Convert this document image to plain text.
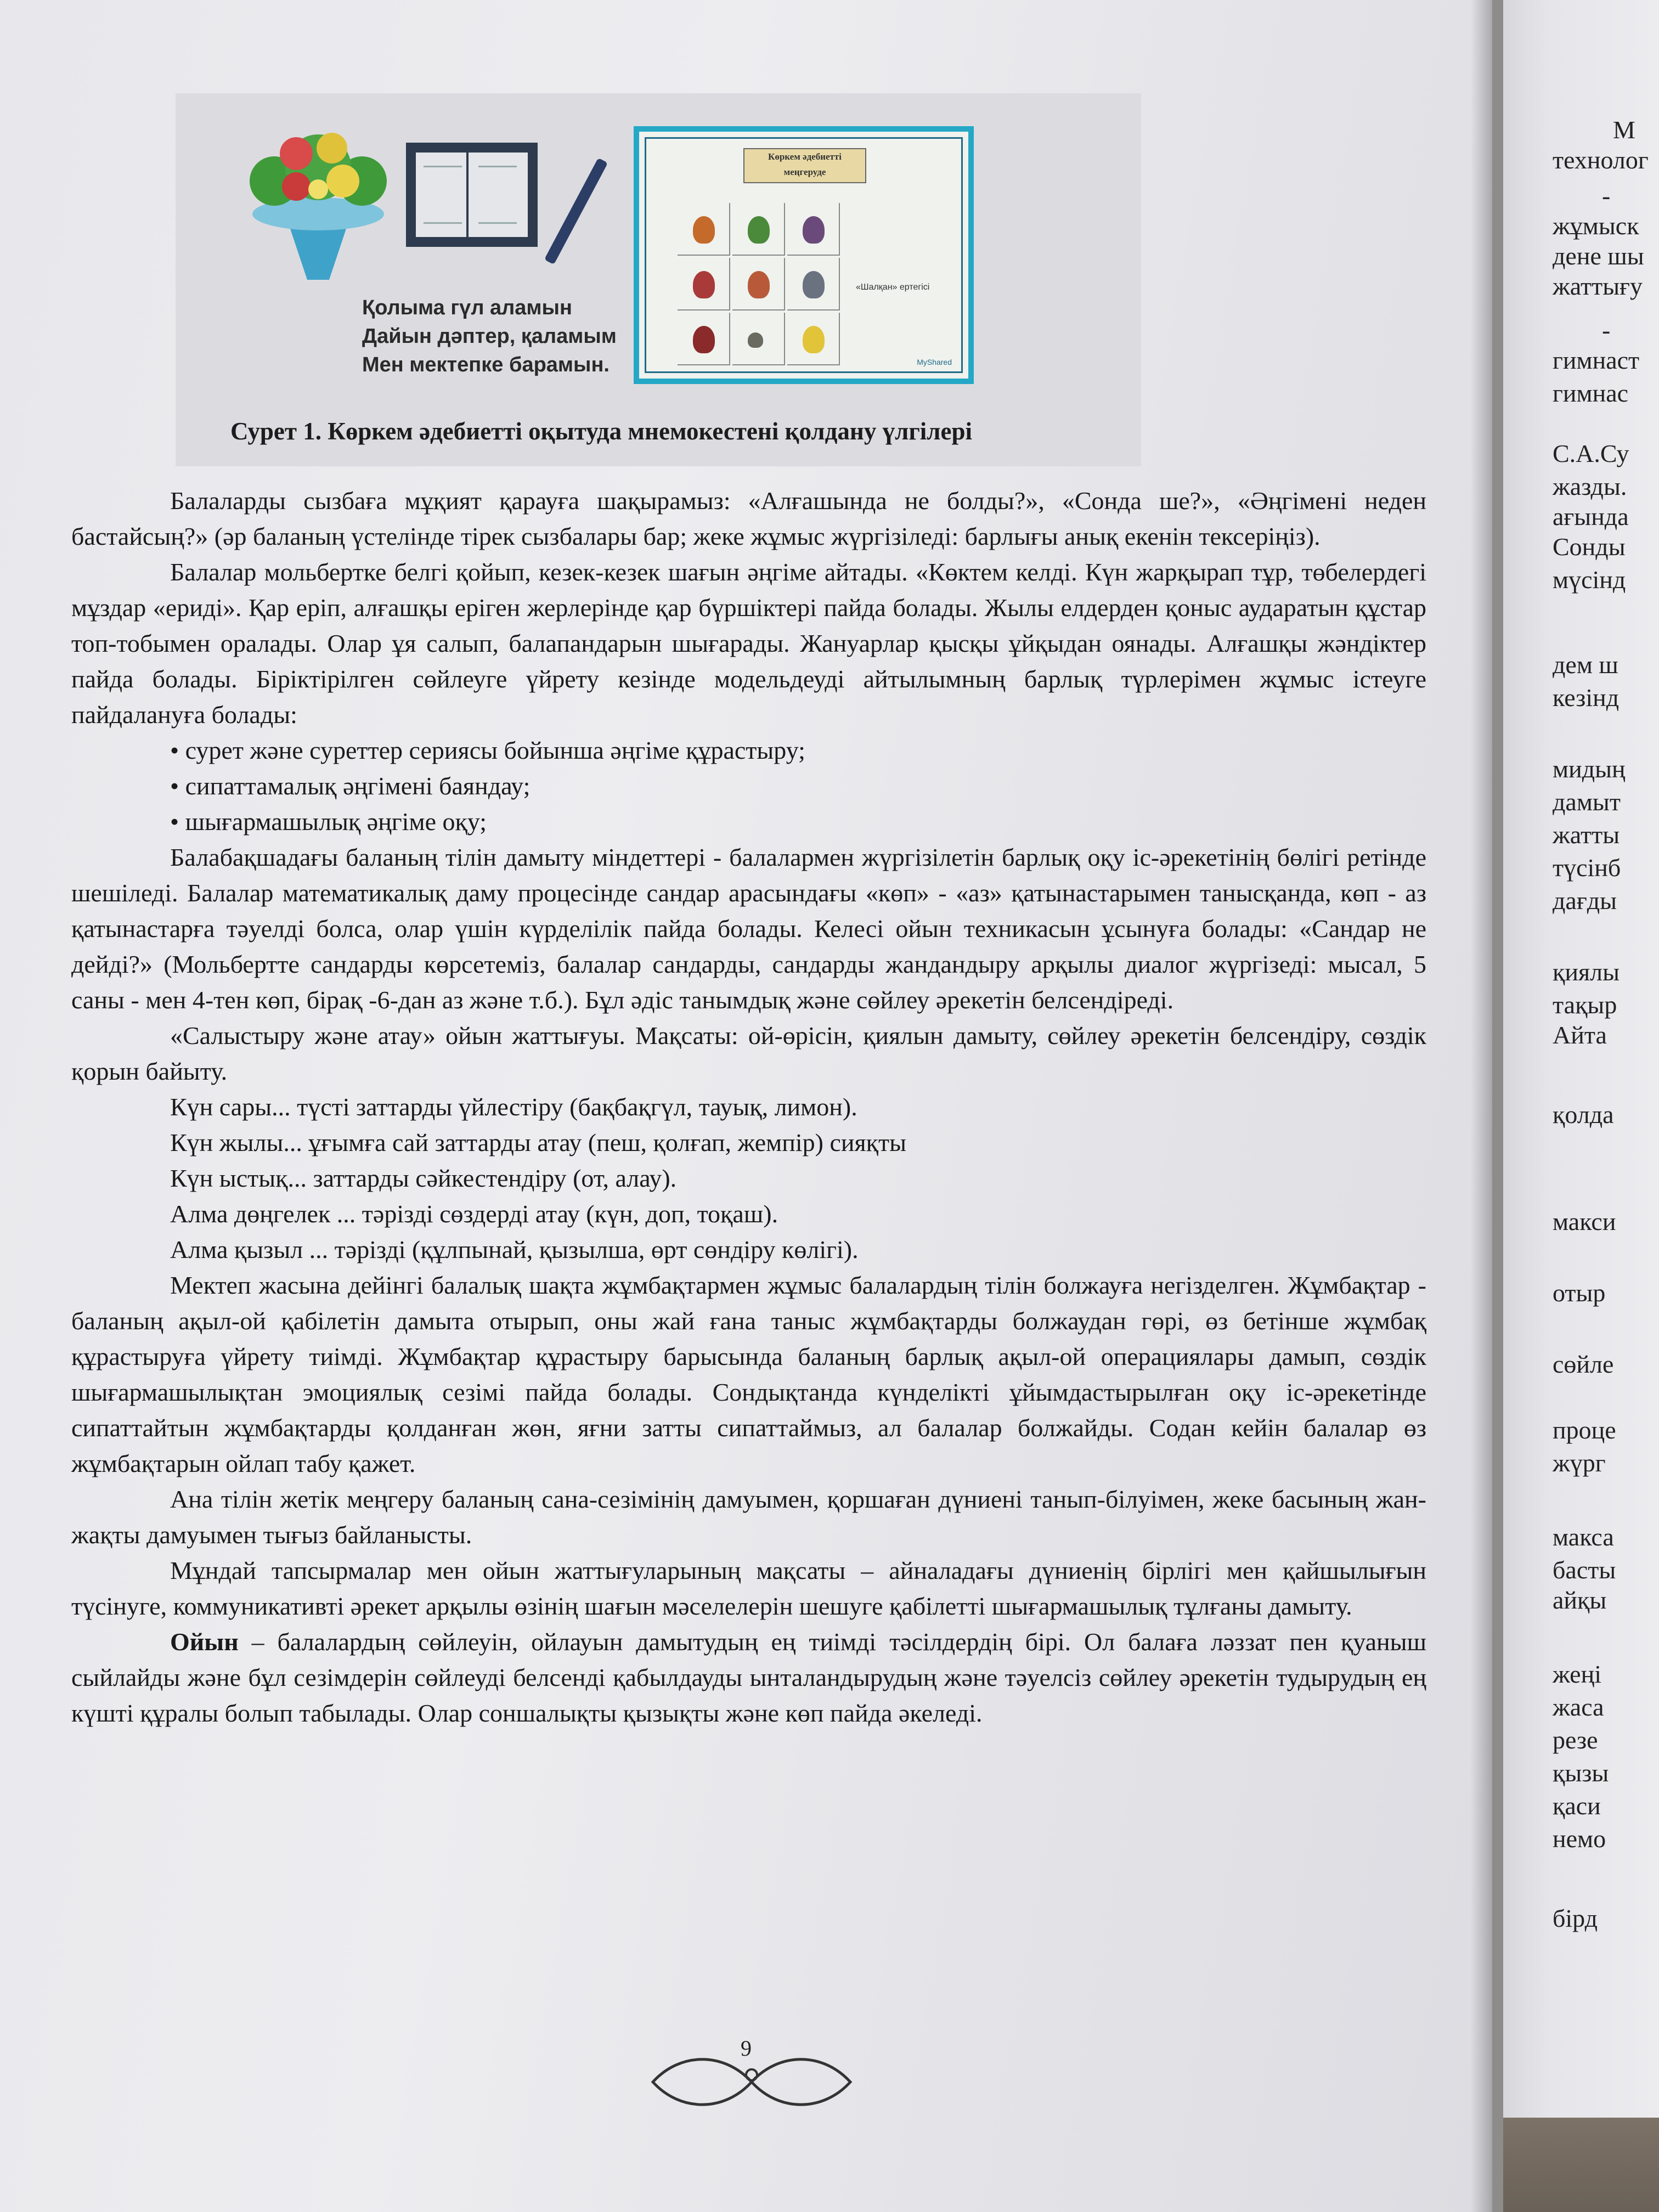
Қолыма гүл аламын
Дайын дәптер, қаламым
Мен мектепке барамын.
Көркем әдебиетті
меңгеруде
«Шалқан» ертегісі
MyShared
Сурет 1. Көркем әдебиетті оқытуда мнемокестені қолдану үлгілері

Балаларды сызбаға мұқият қарауға шақырамыз: «Алғашында не болды?», «Сонда ше?», «Әңгімені неден бастайсың?» (әр баланың үстелінде тірек сызбалары бар; жеке жұмыс жүргізіледі: барлығы анық екенін тексеріңіз).

Балалар мольбертке белгі қойып, кезек-кезек шағын әңгіме айтады. «Көктем келді. Күн жарқырап тұр, төбелердегі мұздар «ериді». Қар еріп, алғашқы еріген жерлерінде қар бүршіктері пайда болады. Жылы елдерден қоныс аударатын құстар топ-тобымен оралады. Олар ұя салып, балапандарын шығарады. Жануарлар қысқы ұйқыдан оянады. Алғашқы жәндіктер пайда болады. Біріктірілген сөйлеуге үйрету кезінде модельдеуді айтылымның барлық түрлерімен жұмыс істеуге пайдалануға болады:

• сурет және суреттер сериясы бойынша әңгіме құрастыру;
• сипаттамалық әңгімені баяндау;
• шығармашылық әңгіме оқу;

Балабақшадағы баланың тілін дамыту міндеттері - балалармен жүргізілетін барлық оқу іс-әрекетінің бөлігі ретінде шешіледі. Балалар математикалық даму процесінде сандар арасындағы «көп» - «аз» қатынастарымен танысқанда, көп - аз қатынастарға тәуелді болса, олар үшін күрделілік пайда болады. Келесі ойын техникасын ұсынуға болады: «Сандар не дейді?» (Мольбертте сандарды көрсетеміз, балалар сандарды, сандарды жандандыру арқылы диалог жүргізеді: мысал, 5 саны - мен 4-тен көп, бірақ -6-дан аз және т.б.). Бұл әдіс танымдық және сөйлеу әрекетін белсендіреді.

«Салыстыру және атау» ойын жаттығуы. Мақсаты: ой-өрісін, қиялын дамыту, сөйлеу әрекетін белсендіру, сөздік қорын байыту.

Күн сары... түсті заттарды үйлестіру (бақбақгүл, тауық, лимон).

Күн жылы... ұғымға сай заттарды атау (пеш, қолғап, жемпір) сияқты

Күн ыстық... заттарды сәйкестендіру (от, алау).

Алма дөңгелек ... тәрізді сөздерді атау (күн, доп, тоқаш).

Алма қызыл ... тәрізді (құлпынай, қызылша, өрт сөндіру көлігі).

Мектеп жасына дейінгі балалық шақта жұмбақтармен жұмыс балалардың тілін болжауға негізделген. Жұмбақтар - баланың ақыл-ой қабілетін дамыта отырып, оны жай ғана таныс жұмбақтарды болжаудан гөрі, өз бетінше жұмбақ құрастыруға үйрету тиімді. Жұмбақтар құрастыру барысында баланың барлық ақыл-ой операциялары дамып, сөздік шығармашылықтан эмоциялық сезімі пайда болады. Сондықтанда күнделікті ұйымдастырылған оқу іс-әрекетінде сипаттайтын жұмбақтарды қолданған жөн, яғни затты сипаттаймыз, ал балалар болжайды. Содан кейін балалар өз жұмбақтарын ойлап табу қажет.

Ана тілін жетік меңгеру баланың сана-сезімінің дамуымен, қоршаған дүниені танып-білуімен, жеке басының жан-жақты дамуымен тығыз байланысты.

Мұндай тапсырмалар мен ойын жаттығуларының мақсаты – айналадағы дүниенің бірлігі мен қайшылығын түсінуге, коммуникативті әрекет арқылы өзінің шағын мәселелерін шешуге қабілетті шығармашылық тұлғаны дамыту.

Ойын – балалардың сөйлеуін, ойлауын дамытудың ең тиімді тәсілдердің бірі. Ол балаға ләззат пен қуаныш сыйлайды және бұл сезімдерін сөйлеуді белсенді қабылдауды ынталандырудың және тәуелсіз сөйлеу әрекетін тудырудың ең күшті құралы болып табылады. Олар соншалықты қызықты және көп пайда әкеледі.

9
М
технолог
-
жұмыск
дене шы
жаттығу
-
гимнаст
гимнас
С.А.Су
жазды.
ағында
Сонды
мүсінд
дем ш
кезінд
мидың
дамыт
жатты
түсінб
дағды
қиялы
тақыр
Айта
қолда
макси
отыр
сөйле
проце
жүрг
макса
басты
айқы
жеңі
жаса
резе
қызы
қаси
немо
бірд
